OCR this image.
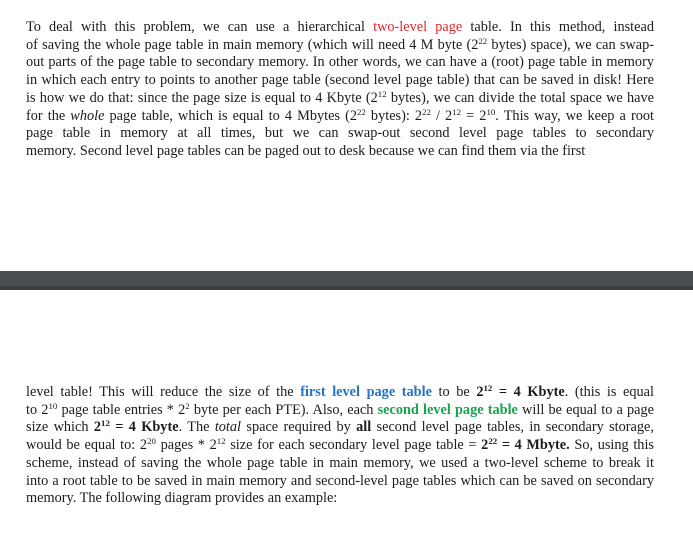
To deal with this problem, we can use a hierarchical two-level page table. In this method, instead
of saving the whole page table in main memory (which will need 4 M byte ($2^{22}$ bytes) space), we can swap-
out parts of the page table to secondary memory. In other words, we can have a (root) page table in memory
in which each entry to points to another page table (second level page table) that can be saved in disk! Here
is how we do that: since the page size is equal to 4 Kbyte ($2^{12}$ bytes), we can divide the total space we have
for the whole page table, which is equal to 4 Mbytes ($2^{22}$ bytes): $2^{22} / 2^{12} = 2^{10}$. This way, we keep a root
page table in memory at all times, but we can swap-out second level page tables to secondary
memory. Second level page tables can be paged out to desk because we can find them via the first
level table! This will reduce the size of the first level page table to be $2^{12} = 4$ Kbyte. (this is equal
to $2^{10}$ page table entries * $2^2$ byte per each PTE). Also, each second level page table will be equal to a page
size which $2^{12} = 4$ Kbyte. The total space required by all second level page tables, in secondary storage,
would be equal to: $2^{20}$ pages * $2^{12}$ size for each secondary level page table = $2^{22} = 4$ Mbyte. So, using this
scheme, instead of saving the whole page table in main memory, we used a two-level scheme to break it
into a root table to be saved in main memory and second-level page tables which can be saved on secondary
memory. The following diagram provides an example:
